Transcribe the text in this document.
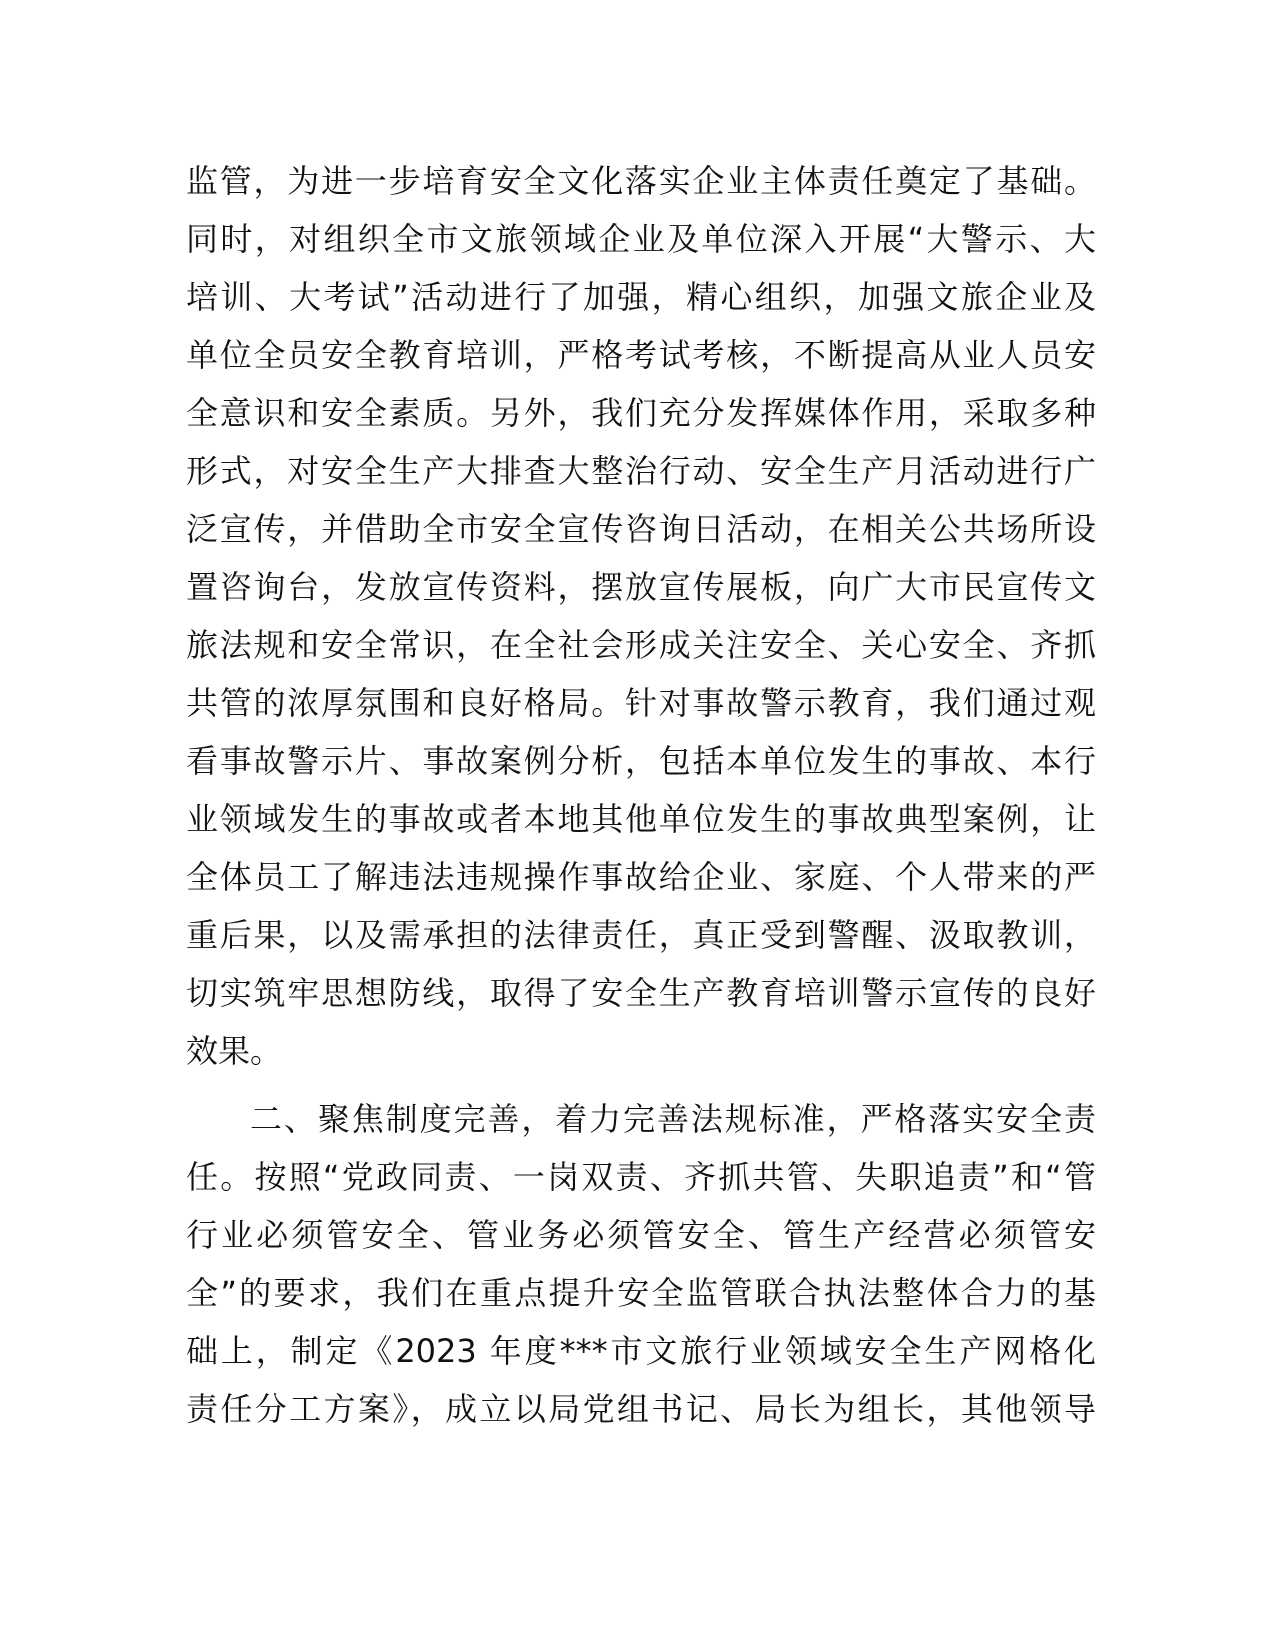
监管，为进一步培育安全文化落实企业主体责任奠定了基础。

同时，对组织全市文旅领域企业及单位深入开展“大警示、大

培训、大考试”活动进行了加强，精心组织，加强文旅企业及

单位全员安全教育培训，严格考试考核，不断提高从业人员安

全意识和安全素质。另外，我们充分发挥媒体作用，采取多种

形式，对安全生产大排查大整治行动、安全生产月活动进行广

泛宣传，并借助全市安全宣传咨询日活动，在相关公共场所设

置咨询台，发放宣传资料，摆放宣传展板，向广大市民宣传文

旅法规和安全常识，在全社会形成关注安全、关心安全、齐抓

共管的浓厚氛围和良好格局。针对事故警示教育，我们通过观

看事故警示片、事故案例分析，包括本单位发生的事故、本行

业领域发生的事故或者本地其他单位发生的事故典型案例，让

全体员工了解违法违规操作事故给企业、家庭、个人带来的严

重后果，以及需承担的法律责任，真正受到警醒、汲取教训，

切实筑牢思想防线，取得了安全生产教育培训警示宣传的良好

效果。

二、聚焦制度完善，着力完善法规标准，严格落实安全责

任。按照“党政同责、一岗双责、齐抓共管、失职追责”和“管

行业必须管安全、管业务必须管安全、管生产经营必须管安

全”的要求，我们在重点提升安全监管联合执法整体合力的基

础上，制定《2023 年度***市文旅行业领域安全生产网格化

责任分工方案》，成立以局党组书记、局长为组长，其他领导
